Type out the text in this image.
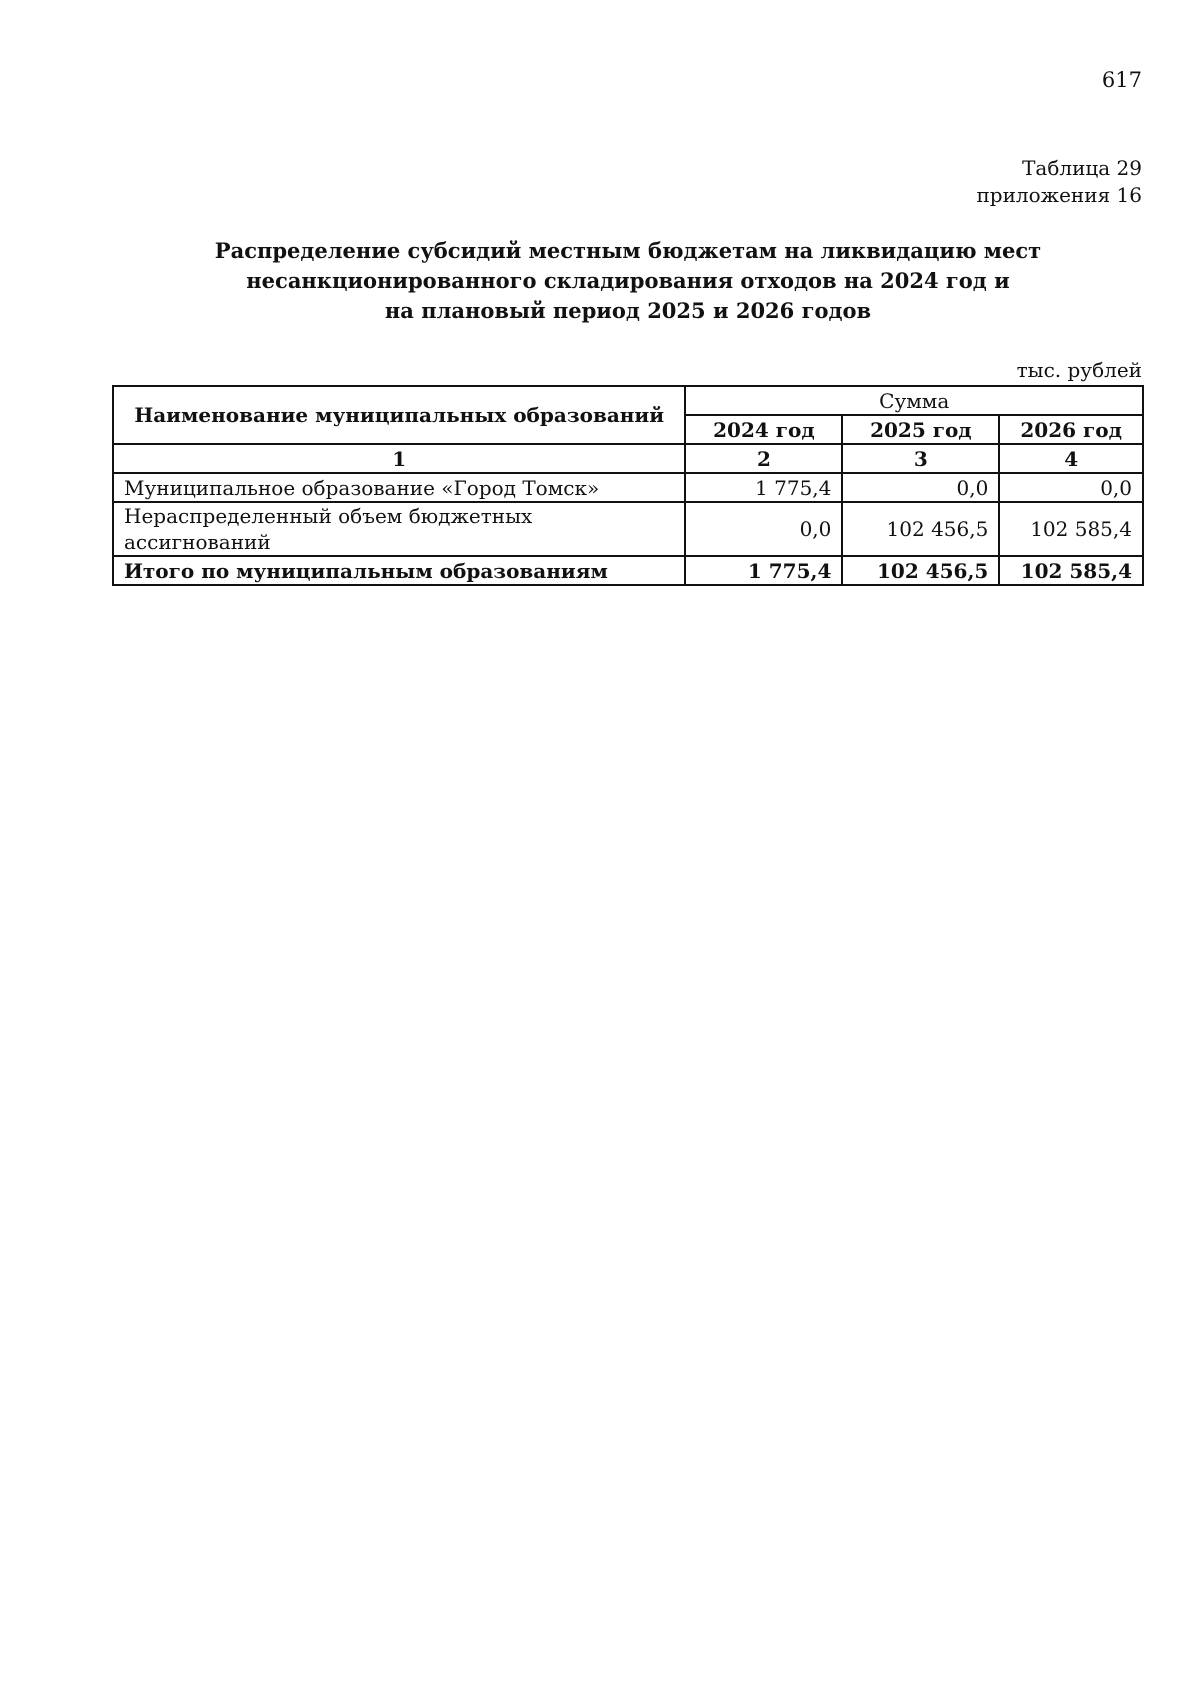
617
Таблица 29
приложения 16
Распределение субсидий местным бюджетам на ликвидацию мест
несанкционированного складирования отходов на 2024 год и
на плановый период 2025 и 2026 годов
тыс. рублей
Наименование муниципальных образований	Сумма		
	2024 год	2025 год	2026 год
1	2	3	4
Муниципальное образование «Город Томск»	1 775,4	0,0	0,0
Нераспределенный объем бюджетных ассигнований	0,0	102 456,5	102 585,4
Итого по муниципальным образованиям	1 775,4	102 456,5	102 585,4
